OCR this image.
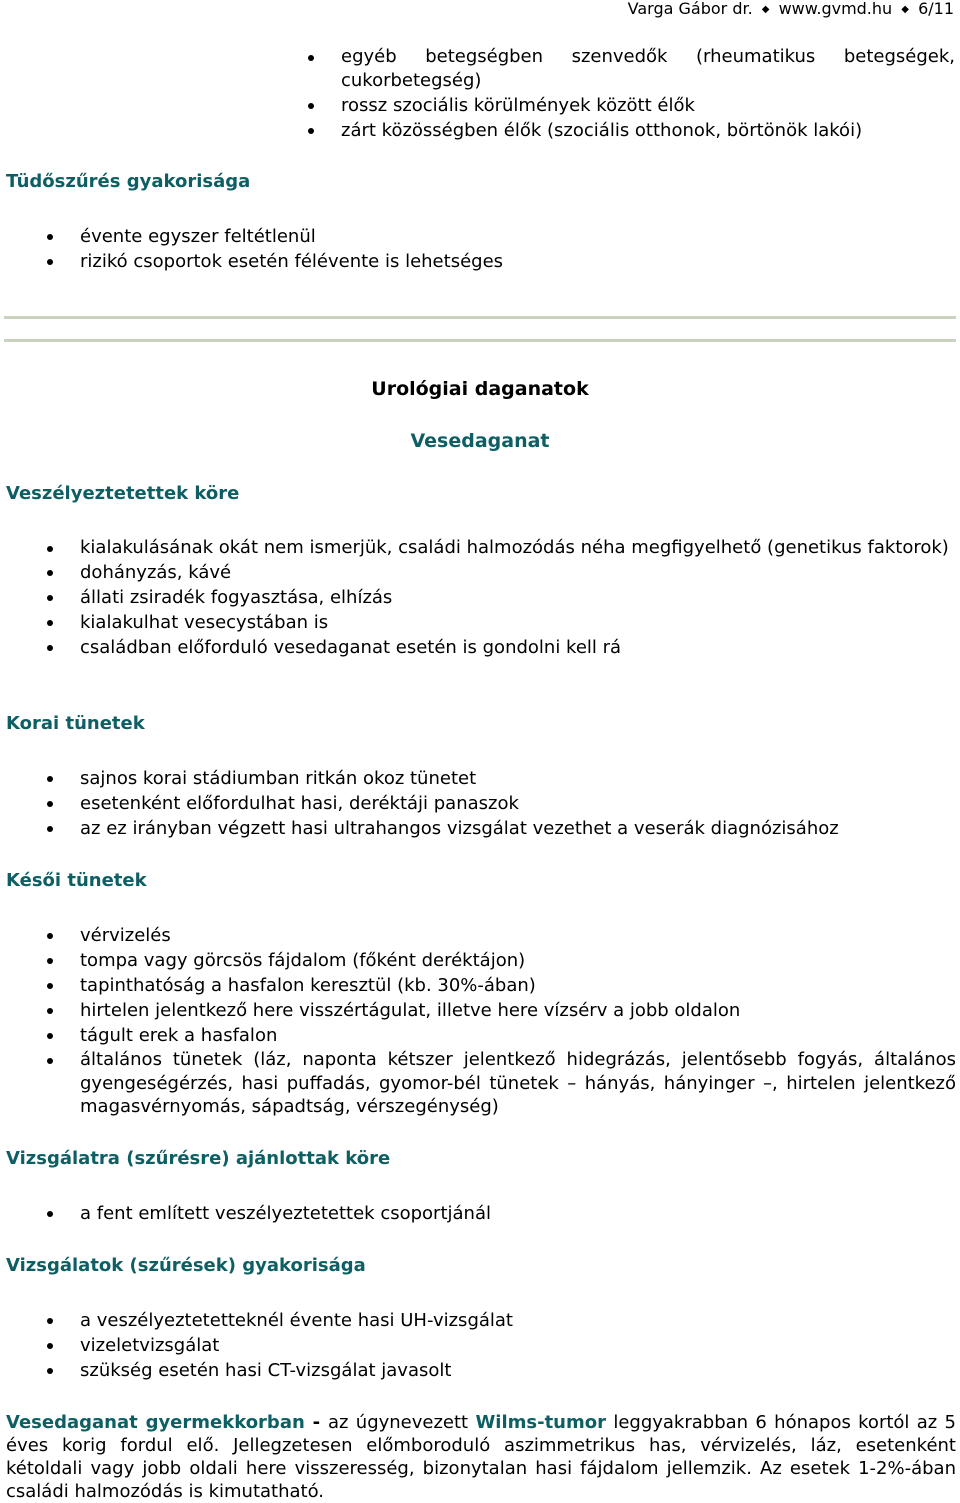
Varga Gábor dr. ◆ www.gvmd.hu ◆ 6/11
egyéb betegségben szenvedők (rheumatikus betegségek, cukorbetegség)
rossz szociális körülmények között élők
zárt közösségben élők (szociális otthonok, börtönök lakói)
Tüdőszűrés gyakorisága
évente egyszer feltétlenül
rizikó csoportok esetén félévente is lehetséges
Urológiai daganatok
Vesedaganat
Veszélyeztetettek köre
kialakulásának okát nem ismerjük, családi halmozódás néha megfigyelhető (genetikus faktorok)
dohányzás, kávé
állati zsiradék fogyasztása, elhízás
kialakulhat vesecystában is
családban előforduló vesedaganat esetén is gondolni kell rá
Korai tünetek
sajnos korai stádiumban ritkán okoz tünetet
esetenként előfordulhat hasi, deréktáji panaszok
az ez irányban végzett hasi ultrahangos vizsgálat vezethet a veserák diagnózisához
Késői tünetek
vérvizelés
tompa vagy görcsös fájdalom (főként deréktájon)
tapinthatóság a hasfalon keresztül (kb. 30%-ában)
hirtelen jelentkező here visszértágulat, illetve here vízsérv a jobb oldalon
tágult erek a hasfalon
általános tünetek (láz, naponta kétszer jelentkező hidegrázás, jelentősebb fogyás, általános gyengeségérzés, hasi puffadás, gyomor-bél tünetek – hányás, hányinger –, hirtelen jelentkező magasvérnyomás, sápadtság, vérszegénység)
Vizsgálatra (szűrésre) ajánlottak köre
a fent említett veszélyeztetettek csoportjánál
Vizsgálatok (szűrések) gyakorisága
a veszélyeztetetteknél évente hasi UH-vizsgálat
vizeletvizsgálat
szükség esetén hasi CT-vizsgálat javasolt
Vesedaganat gyermekkorban - az úgynevezett Wilms-tumor leggyakrabban 6 hónapos kortól az 5 éves korig fordul elő. Jellegzetesen előmboroduló aszimmetrikus has, vérvizelés, láz, esetenként kétoldali vagy jobb oldali here visszeresség, bizonytalan hasi fájdalom jellemzik. Az esetek 1-2%-ában családi halmozódás is kimutatható.
